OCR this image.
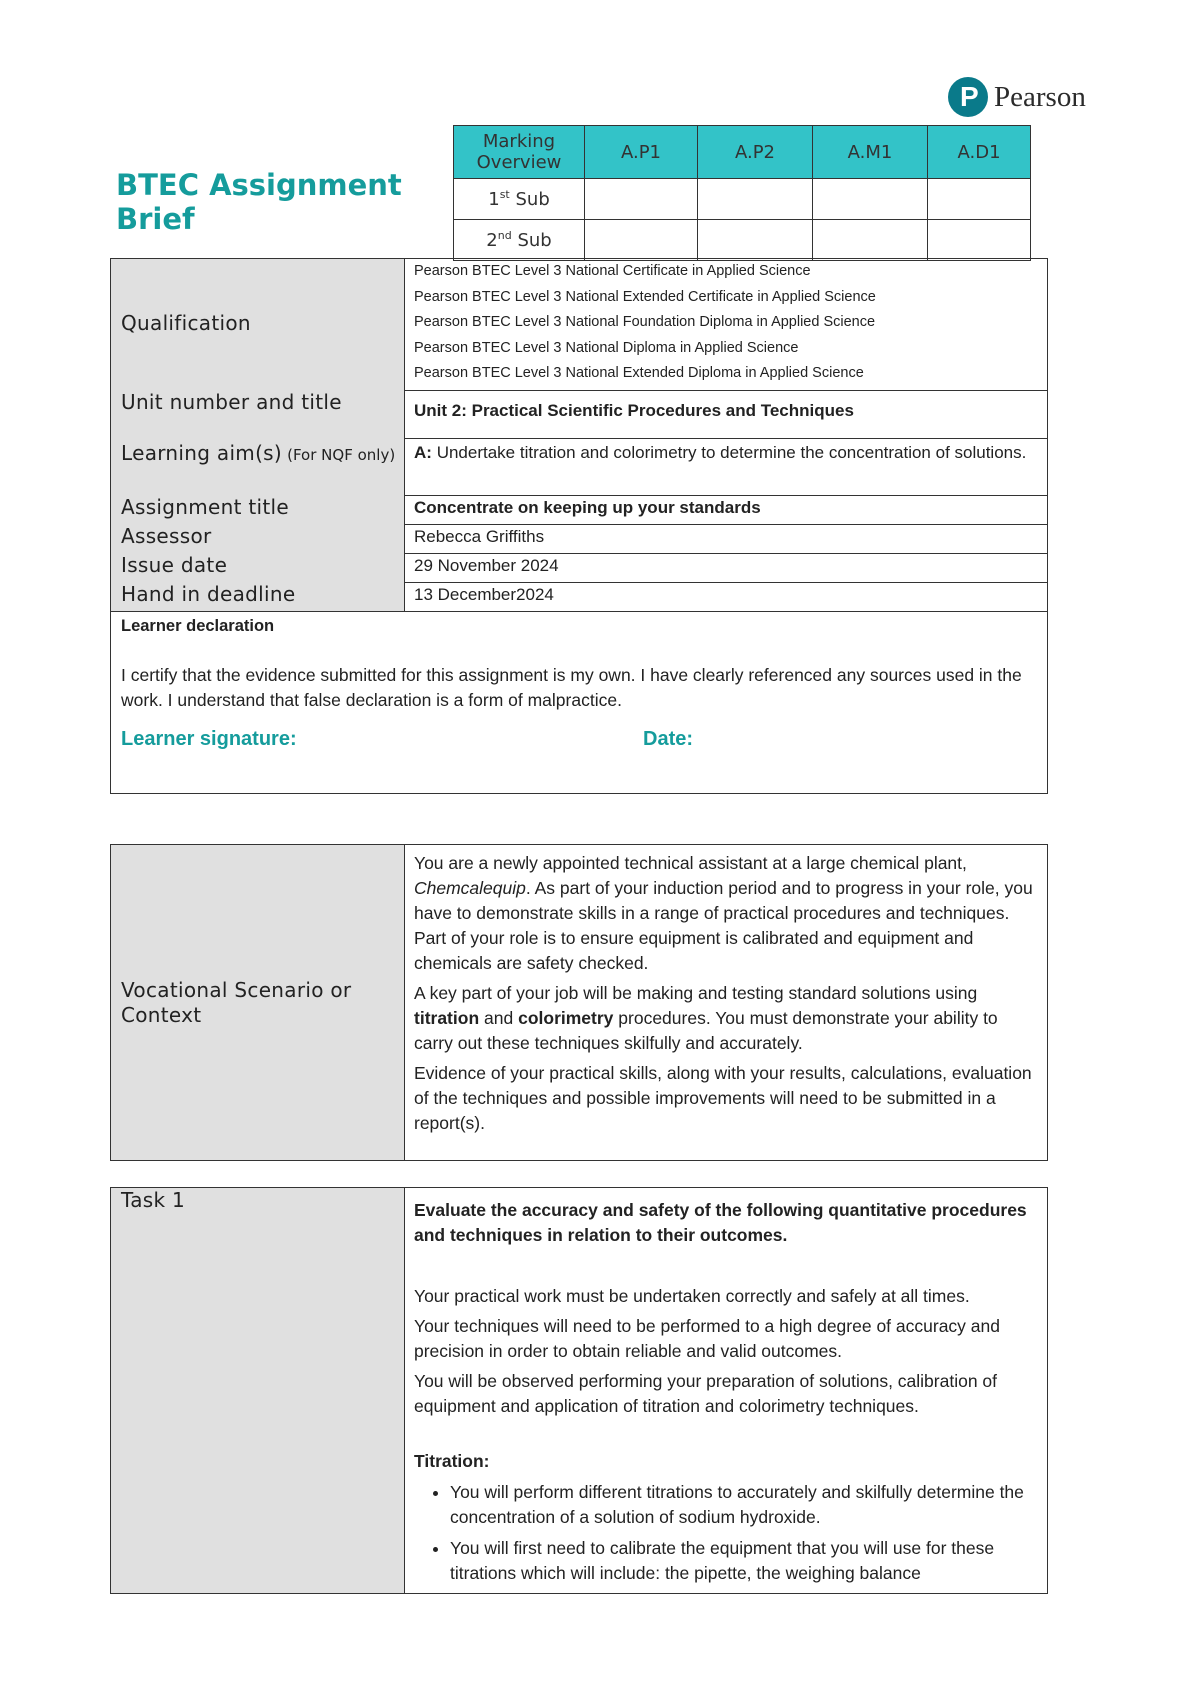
P Pearson
BTEC Assignment
Brief
Marking
Overview	A.P1	A.P2	A.M1	A.D1
1st Sub				
2nd Sub				
Qualification
Pearson BTEC Level 3 National Certificate in Applied Science
Pearson BTEC Level 3 National Extended Certificate in Applied Science
Pearson BTEC Level 3 National Foundation Diploma in Applied Science
Pearson BTEC Level 3 National Diploma in Applied Science
Pearson BTEC Level 3 National Extended Diploma in Applied Science
Unit number and title	Unit 2: Practical Scientific Procedures and Techniques
Learning aim(s) (For NQF only) A: Undertake titration and colorimetry to determine the concentration of solutions.
Assignment title	Concentrate on keeping up your standards
Assessor	Rebecca Griffiths
Issue date	29 November 2024
Hand in deadline	13 December2024
Learner declaration
I certify that the evidence submitted for this assignment is my own. I have clearly referenced any sources used in the work. I understand that false declaration is a form of malpractice.
Learner signature:	Date:
Vocational Scenario or Context
You are a newly appointed technical assistant at a large chemical plant, Chemcalequip. As part of your induction period and to progress in your role, you have to demonstrate skills in a range of practical procedures and techniques. Part of your role is to ensure equipment is calibrated and equipment and chemicals are safety checked.
A key part of your job will be making and testing standard solutions using titration and colorimetry procedures. You must demonstrate your ability to carry out these techniques skilfully and accurately.
Evidence of your practical skills, along with your results, calculations, evaluation of the techniques and possible improvements will need to be submitted in a report(s).
Task 1	Evaluate the accuracy and safety of the following quantitative procedures and techniques in relation to their outcomes.
Your practical work must be undertaken correctly and safely at all times.
Your techniques will need to be performed to a high degree of accuracy and precision in order to obtain reliable and valid outcomes.
You will be observed performing your preparation of solutions, calibration of equipment and application of titration and colorimetry techniques.
Titration:
• You will perform different titrations to accurately and skilfully determine the concentration of a solution of sodium hydroxide.
• You will first need to calibrate the equipment that you will use for these titrations which will include: the pipette, the weighing balance
